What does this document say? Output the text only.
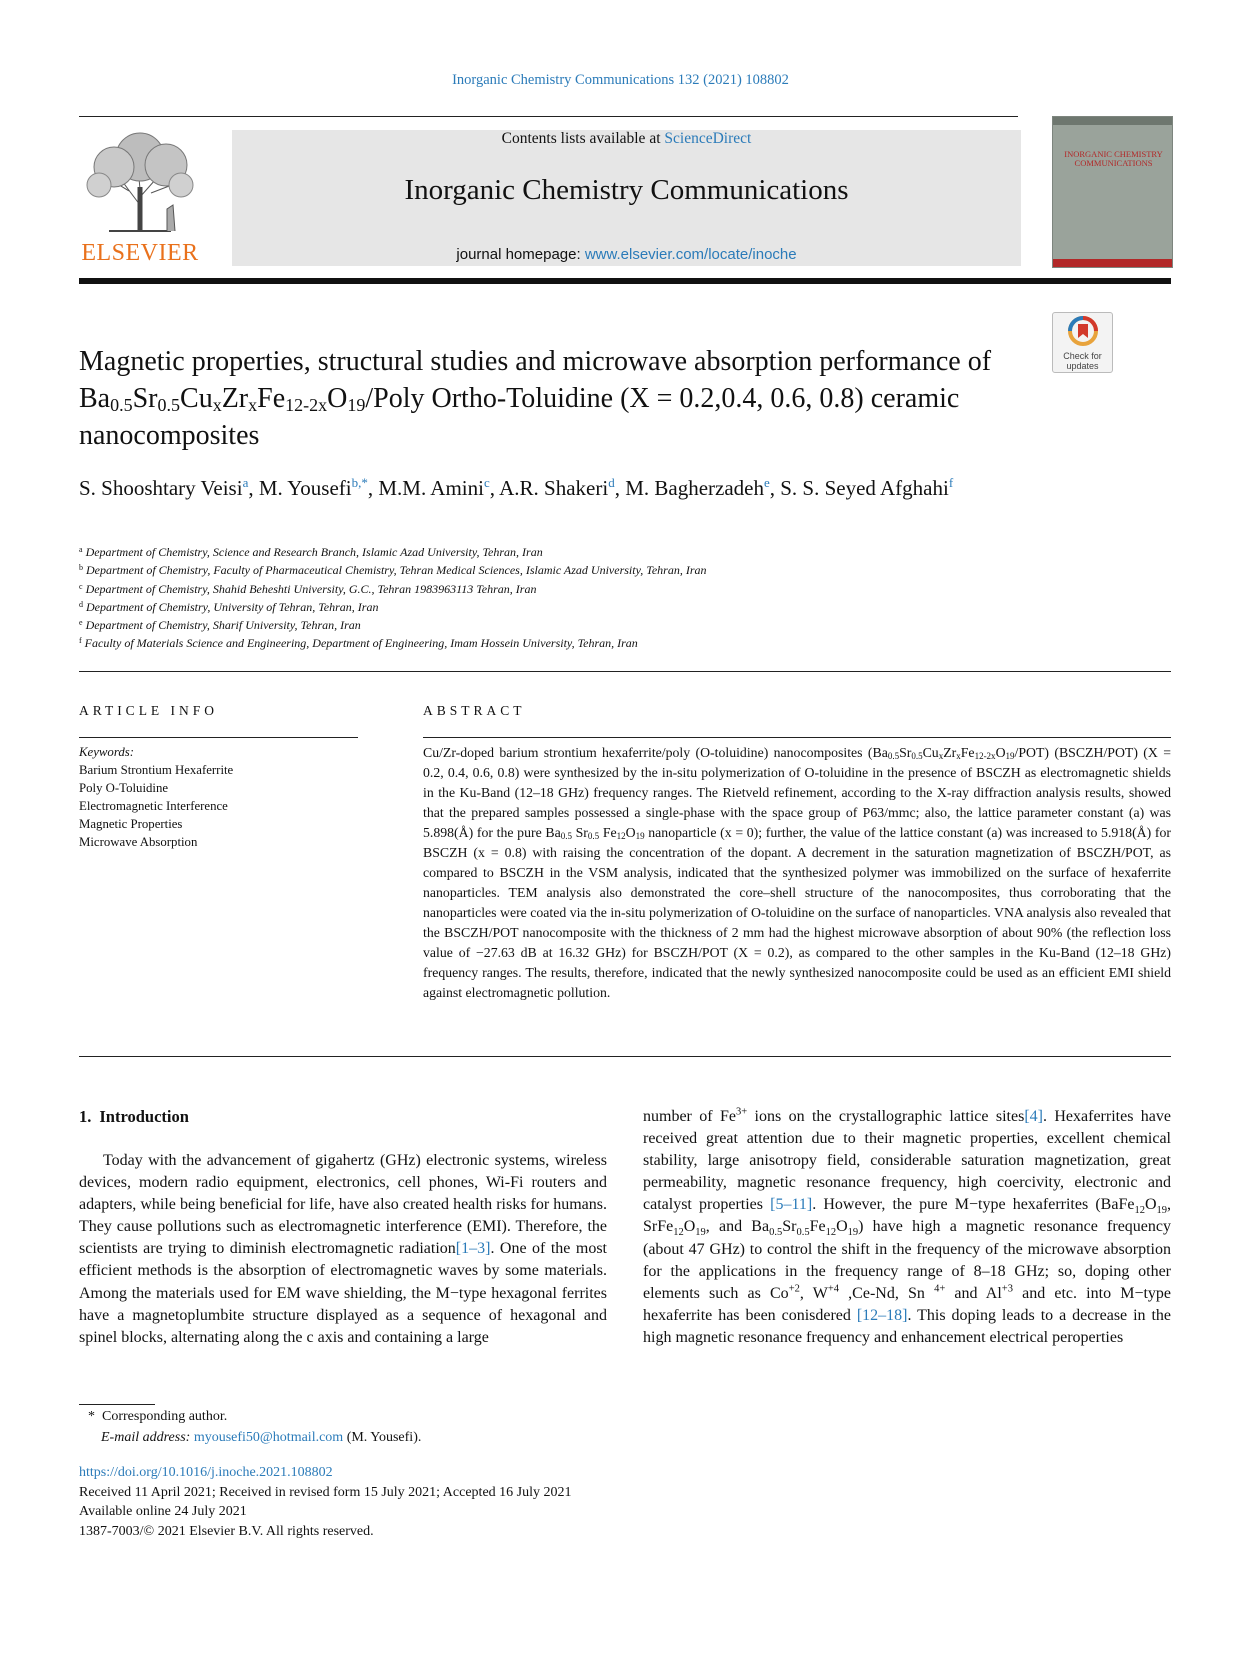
Inorganic Chemistry Communications 132 (2021) 108802
ELSEVIER
Contents lists available at ScienceDirect
Inorganic Chemistry Communications
journal homepage: www.elsevier.com/locate/inoche
INORGANIC CHEMISTRY COMMUNICATIONS
Check for updates
Magnetic properties, structural studies and microwave absorption performance of $Ba_{0.5}Sr_{0.5}Cu_xZr_xFe_{12-2x}O_{19}$/Poly Ortho-Toluidine (X = 0.2,0.4, 0.6, 0.8) ceramic nanocomposites
S. Shooshtary Veisi$^a$, M. Yousefi$^{b,*}$, M.M. Amini$^c$, A.R. Shakeri$^d$, M. Bagherzadeh$^e$, S. S. Seyed Afghahi$^f$
$^a$ Department of Chemistry, Science and Research Branch, Islamic Azad University, Tehran, Iran
$^b$ Department of Chemistry, Faculty of Pharmaceutical Chemistry, Tehran Medical Sciences, Islamic Azad University, Tehran, Iran
$^c$ Department of Chemistry, Shahid Beheshti University, G.C., Tehran 1983963113 Tehran, Iran
$^d$ Department of Chemistry, University of Tehran, Tehran, Iran
$^e$ Department of Chemistry, Sharif University, Tehran, Iran
$^f$ Faculty of Materials Science and Engineering, Department of Engineering, Imam Hossein University, Tehran, Iran
ARTICLE INFO	ABSTRACT
Keywords:
Barium Strontium Hexaferrite
Poly O-Toluidine
Electromagnetic Interference
Magnetic Properties
Microwave Absorption
Cu/Zr-doped barium strontium hexaferrite/poly (O-toluidine) nanocomposites $(Ba_{0.5}Sr_{0.5}Cu_xZr_xFe_{12-2x}O_{19}/POT)$ (BSCZH/POT) (X = 0.2, 0.4, 0.6, 0.8) were synthesized by the in-situ polymerization of O-toluidine in the presence of BSCZH as electromagnetic shields in the Ku-Band (12–18 GHz) frequency ranges. The Rietveld refinement, according to the X-ray diffraction analysis results, showed that the prepared samples possessed a single-phase with the space group of P63/mmc; also, the lattice parameter constant (a) was 5.898(Å) for the pure $Ba_{0.5}$ $Sr_{0.5}$ $Fe_{12}O_{19}$ nanoparticle (x = 0); further, the value of the lattice constant (a) was increased to 5.918(Å) for BSCZH (x = 0.8) with raising the concentration of the dopant. A decrement in the saturation magnetization of BSCZH/POT, as compared to BSCZH in the VSM analysis, indicated that the synthesized polymer was immobilized on the surface of hexaferrite nanoparticles. TEM analysis also demonstrated the core–shell structure of the nanocomposites, thus corroborating that the nanoparticles were coated via the in-situ polymerization of O-toluidine on the surface of nanoparticles. VNA analysis also revealed that the BSCZH/POT nanocomposite with the thickness of 2 mm had the highest microwave absorption of about 90% (the reflection loss value of −27.63 dB at 16.32 GHz) for BSCZH/POT (X = 0.2), as compared to the other samples in the Ku-Band (12–18 GHz) frequency ranges. The results, therefore, indicated that the newly synthesized nanocomposite could be used as an efficient EMI shield against electromagnetic pollution.
1. Introduction

Today with the advancement of gigahertz (GHz) electronic systems, wireless devices, modern radio equipment, electronics, cell phones, Wi-Fi routers and adapters, while being beneficial for life, have also created health risks for humans. They cause pollutions such as electromagnetic interference (EMI). Therefore, the scientists are trying to diminish electromagnetic radiation[1–3]. One of the most efficient methods is the absorption of electromagnetic waves by some materials. Among the materials used for EM wave shielding, the M−type hexagonal ferrites have a magnetoplumbite structure displayed as a sequence of hexagonal and spinel blocks, alternating along the c axis and containing a large

number of $Fe^{3+}$ ions on the crystallographic lattice sites[4]. Hexaferrites have received great attention due to their magnetic properties, excellent chemical stability, large anisotropy field, considerable saturation magnetization, great permeability, magnetic resonance frequency, high coercivity, electronic and catalyst properties [5–11]. However, the pure M−type hexaferrites ($BaFe_{12}O_{19}$, $SrFe_{12}O_{19}$, and $Ba_{0.5}Sr_{0.5}Fe_{12}O_{19}$) have high a magnetic resonance frequency (about 47 GHz) to control the shift in the frequency of the microwave absorption for the applications in the frequency range of 8–18 GHz; so, doping other elements such as $Co^{+2}$, $W^{+4}$ ,Ce-Nd, Sn $^{4+}$ and $Al^{+3}$ and etc. into M−type hexaferrite has been conisdered [12–18]. This doping leads to a decrease in the high magnetic resonance frequency and enhancement electrical peroperties

* Corresponding author.
E-mail address: myousefi50@hotmail.com (M. Yousefi).
https://doi.org/10.1016/j.inoche.2021.108802
Received 11 April 2021; Received in revised form 15 July 2021; Accepted 16 July 2021
Available online 24 July 2021
1387-7003/© 2021 Elsevier B.V. All rights reserved.
